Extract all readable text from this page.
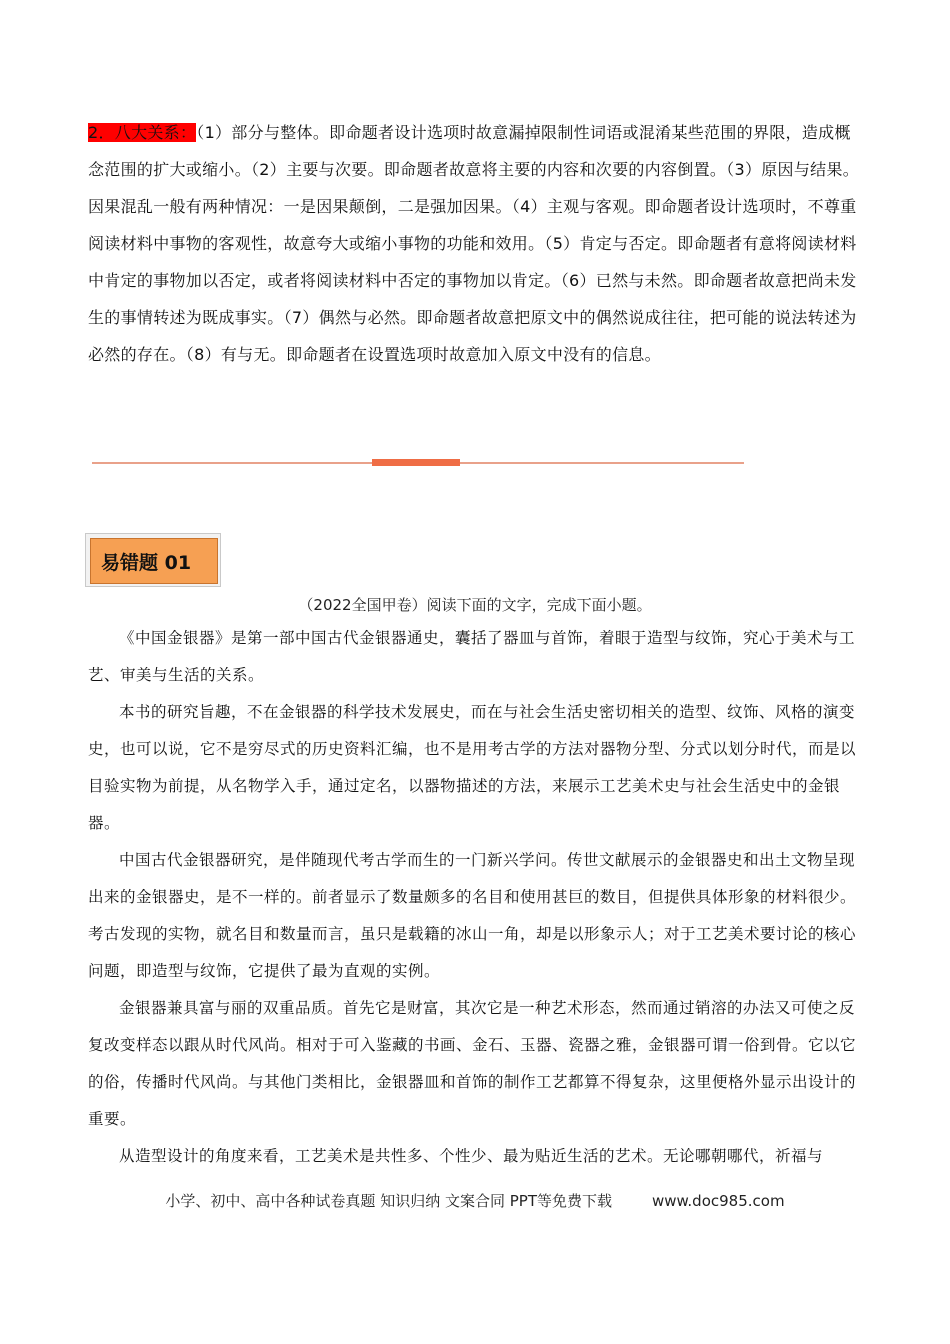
2．八大关系：（1）部分与整体。即命题者设计选项时故意漏掉限制性词语或混淆某些范围的界限，造成概念范围的扩大或缩小。（2）主要与次要。即命题者故意将主要的内容和次要的内容倒置。（3）原因与结果。因果混乱一般有两种情况：一是因果颠倒，二是强加因果。（4）主观与客观。即命题者设计选项时，不尊重阅读材料中事物的客观性，故意夸大或缩小事物的功能和效用。（5）肯定与否定。即命题者有意将阅读材料中肯定的事物加以否定，或者将阅读材料中否定的事物加以肯定。（6）已然与未然。即命题者故意把尚未发生的事情转述为既成事实。（7）偶然与必然。即命题者故意把原文中的偶然说成往往，把可能的说法转述为必然的存在。（8）有与无。即命题者在设置选项时故意加入原文中没有的信息。
易错题 01
（2022全国甲卷）阅读下面的文字，完成下面小题。

《中国金银器》是第一部中国古代金银器通史，囊括了器皿与首饰，着眼于造型与纹饰，究心于美术与工艺、审美与生活的关系。

本书的研究旨趣，不在金银器的科学技术发展史，而在与社会生活史密切相关的造型、纹饰、风格的演变史，也可以说，它不是穷尽式的历史资料汇编，也不是用考古学的方法对器物分型、分式以划分时代，而是以目验实物为前提，从名物学入手，通过定名，以器物描述的方法，来展示工艺美术史与社会生活史中的金银器。

中国古代金银器研究，是伴随现代考古学而生的一门新兴学问。传世文献展示的金银器史和出土文物呈现出来的金银器史，是不一样的。前者显示了数量颇多的名目和使用甚巨的数目，但提供具体形象的材料很少。考古发现的实物，就名目和数量而言，虽只是载籍的冰山一角，却是以形象示人；对于工艺美术要讨论的核心问题，即造型与纹饰，它提供了最为直观的实例。

金银器兼具富与丽的双重品质。首先它是财富，其次它是一种艺术形态，然而通过销溶的办法又可使之反复改变样态以跟从时代风尚。相对于可入鉴藏的书画、金石、玉器、瓷器之雅，金银器可谓一俗到骨。它以它的俗，传播时代风尚。与其他门类相比，金银器皿和首饰的制作工艺都算不得复杂，这里便格外显示出设计的重要。

从造型设计的角度来看，工艺美术是共性多、个性少、最为贴近生活的艺术。无论哪朝哪代，祈福与

小学、初中、高中各种试卷真题 知识归纳 文案合同 PPT等免费下载	www.doc985.com
